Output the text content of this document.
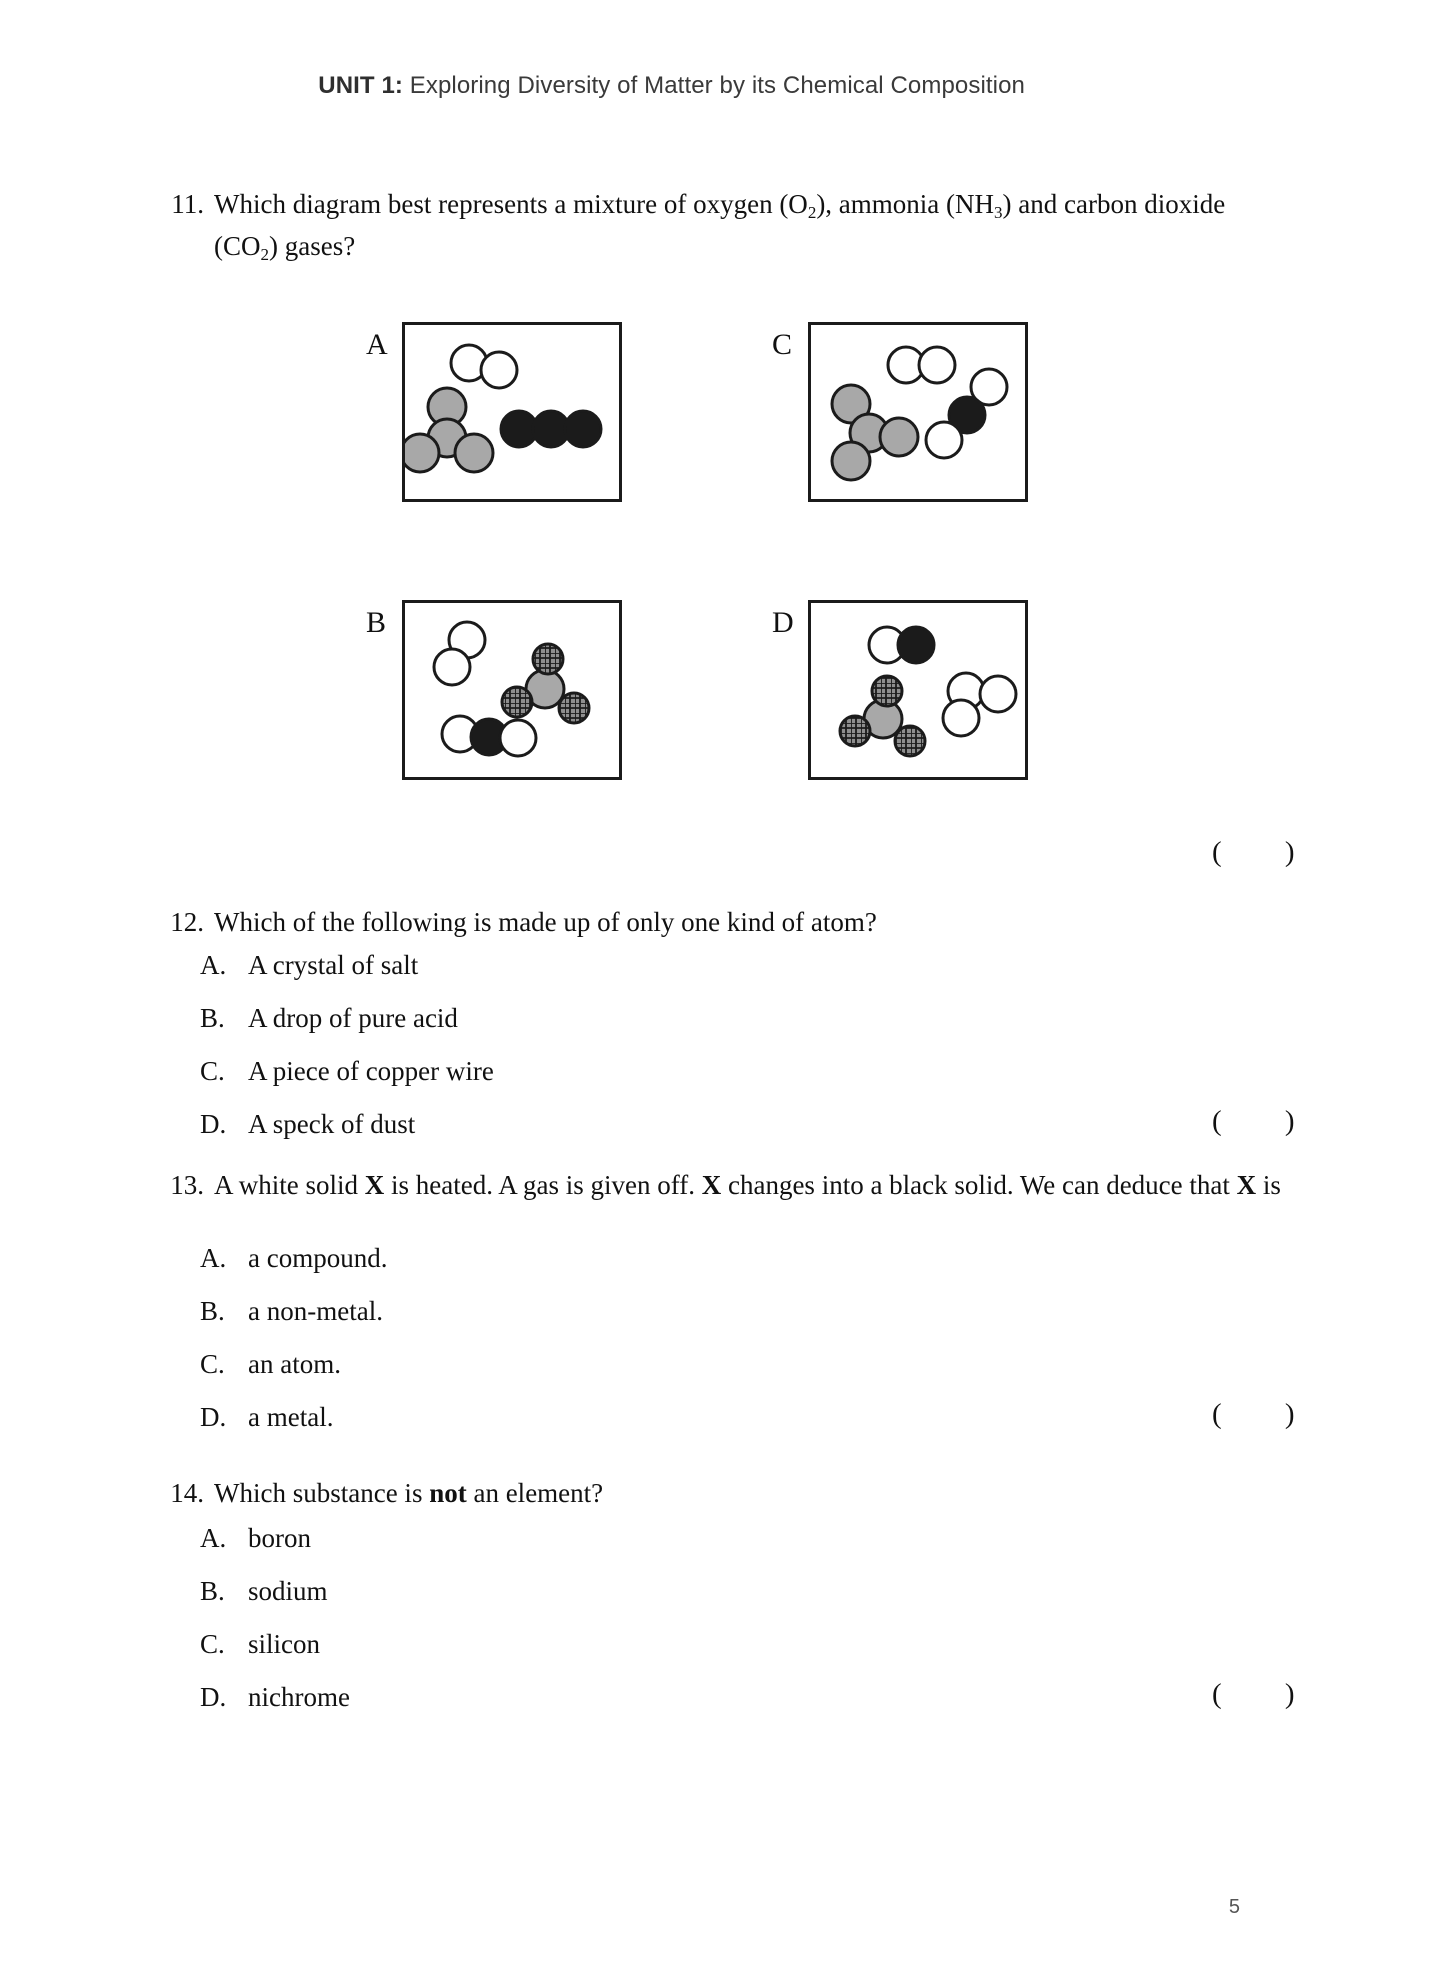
UNIT 1: Exploring Diversity of Matter by its Chemical Composition
11. Which diagram best represents a mixture of oxygen $(O_2)$, ammonia $(NH_3)$ and carbon dioxide $(CO_2)$ gases?
A	C
B	D
( )
12. Which of the following is made up of only one kind of atom?
A. A crystal of salt
B. A drop of pure acid
C. A piece of copper wire
D. A speck of dust	( )
13. A white solid X is heated. A gas is given off. X changes into a black solid. We can deduce that X is
A. a compound.
B. a non-metal.
C. an atom.
D. a metal.	( )
14. Which substance is not an element?
A. boron
B. sodium
C. silicon
D. nichrome	( )
5
